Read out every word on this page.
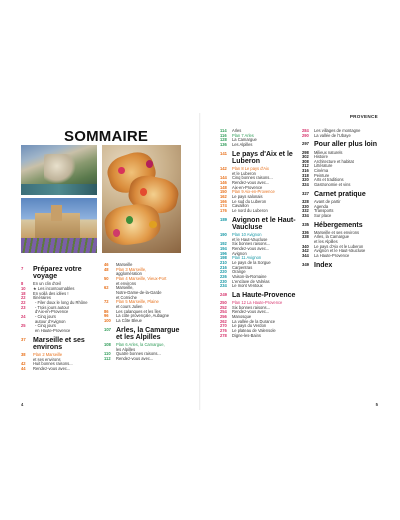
PROVENCE
SOMMAIRE
7	Préparez votre voyage
8	En un clin d'œil
10	★ Les incontournables
18	En voilà des idées !
22	Itinéraires
22	- Filer doux le long du Rhône
23	- Trois jours autour
d'Aix-en-Provence
24	- Cinq jours
autour d'Avignon
25	- Cinq jours
en Haute-Provence
37	Marseille et ses environs
38	Plan 2 Marseille
et ses environs
42	Huit bonnes raisons...
44	Rendez-vous avec...
46	Marseille
48	Plan 3 Marseille,
agglomération
50	Plan 4 Marseille, Vieux-Port
et environs
62	Marseille,
Notre-Dame-de-la-Garde
et Corniche
72	Plan 5 Marseille, Plaine
et cours Julien
86	Les calanques et les îles
96	La côte provençale, Aubagne
100	La Côte Bleue
107 Arles, la Camargue et les Alpilles
108	Plan 6 Arles, la Camargue,
les Alpilles
110	Quatre bonnes raisons...
112	Rendez-vous avec...
114	Arles
116	Plan 7 Arles
128	La Camargue
136	Les Alpilles
141 Le pays d'Aix et le Luberon
142	Plan 8 Le pays d'Aix
et le Luberon
144	Cinq bonnes raisons...
146	Rendez-vous avec...
148	Aix-en-Provence
150	Plan 9 Aix-en-Provence
162	Le pays salonais
166	Le sud du Luberon
174	Cavaillon
176	Le nord du Luberon
189 Avignon et le Haut-Vaucluse
190	Plan 10 Avignon
et le Haut-Vaucluse
192	Six bonnes raisons...
194	Rendez-vous avec...
196	Avignon
198	Plan 11 Avignon
210	Le pays de la Sorgue
216	Carpentras
220	Orange
226	Vaison-la-Romaine
230	L'enclave de Valréas
234	Le mont Ventoux
249 La Haute-Provence
250	Plan 12 La Haute-Provence
252	Six bonnes raisons...
254	Rendez-vous avec...
256	Manosque
262	La vallée de la Durance
270	Le pays du Verdon
276	Le plateau de Valensole
278	Digne-les-Bains
284	Les villages de montagne
290	La vallée de l'Ubaye
297 Pour aller plus loin
298	Milieux naturels
302	Histoire
308	Architecture et habitat
312	Littérature
316	Cinéma
318	Peinture
320	Arts et traditions
324	Gastronomie et vins
327 Carnet pratique
328	Avant de partir
330	Agenda
332	Transports
334	Sur place
335 Hébergements
336	Marseille et ses environs
338	Arles, la Camargue
et les Alpilles
340	Le pays d'Aix et le Luberon
342	Avignon et le Haut-Vaucluse
344	La Haute-Provence
349 Index
4	5
